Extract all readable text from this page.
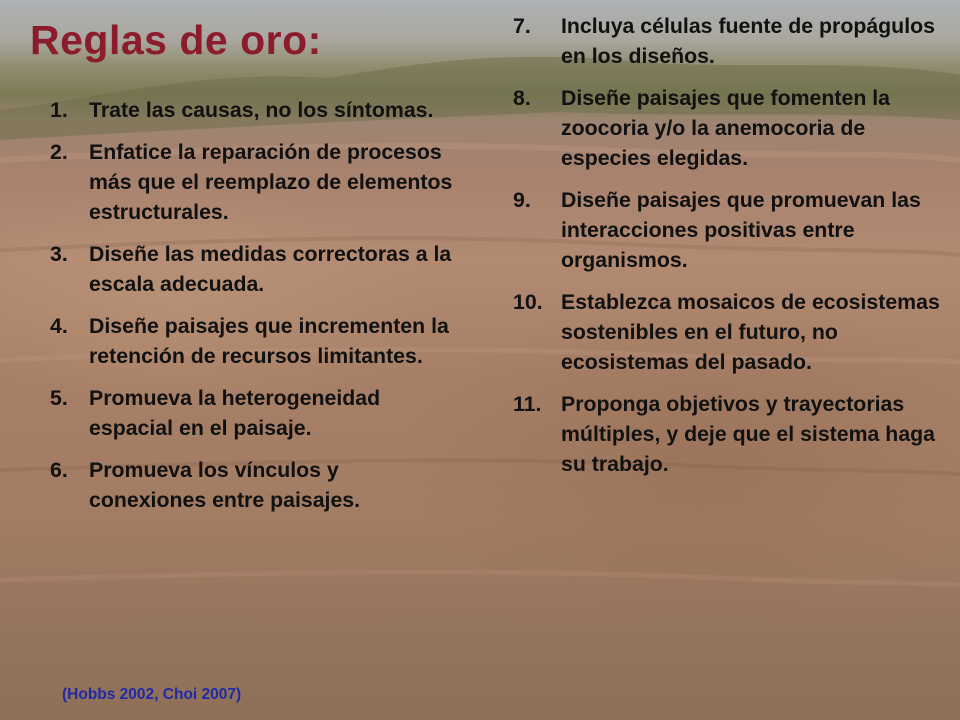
Reglas de oro:
1. Trate las causas, no los síntomas.
2. Enfatice la reparación de procesos más que el reemplazo de elementos estructurales.
3. Diseñe las medidas correctoras a la escala adecuada.
4. Diseñe paisajes que incrementen la retención de recursos limitantes.
5. Promueva la heterogeneidad espacial en el paisaje.
6. Promueva los vínculos y conexiones entre paisajes.
7.	Incluya células fuente de propágulos en los diseños.
8.	Diseñe paisajes que fomenten la zoocoria y/o la anemocoria de especies elegidas.
9.	Diseñe paisajes que promuevan las interacciones positivas entre organismos.
10. Establezca mosaicos de ecosistemas sostenibles en el futuro, no ecosistemas del pasado.
11. Proponga objetivos y trayectorias múltiples, y deje que el sistema haga su trabajo.
(Hobbs 2002, Choi 2007)
